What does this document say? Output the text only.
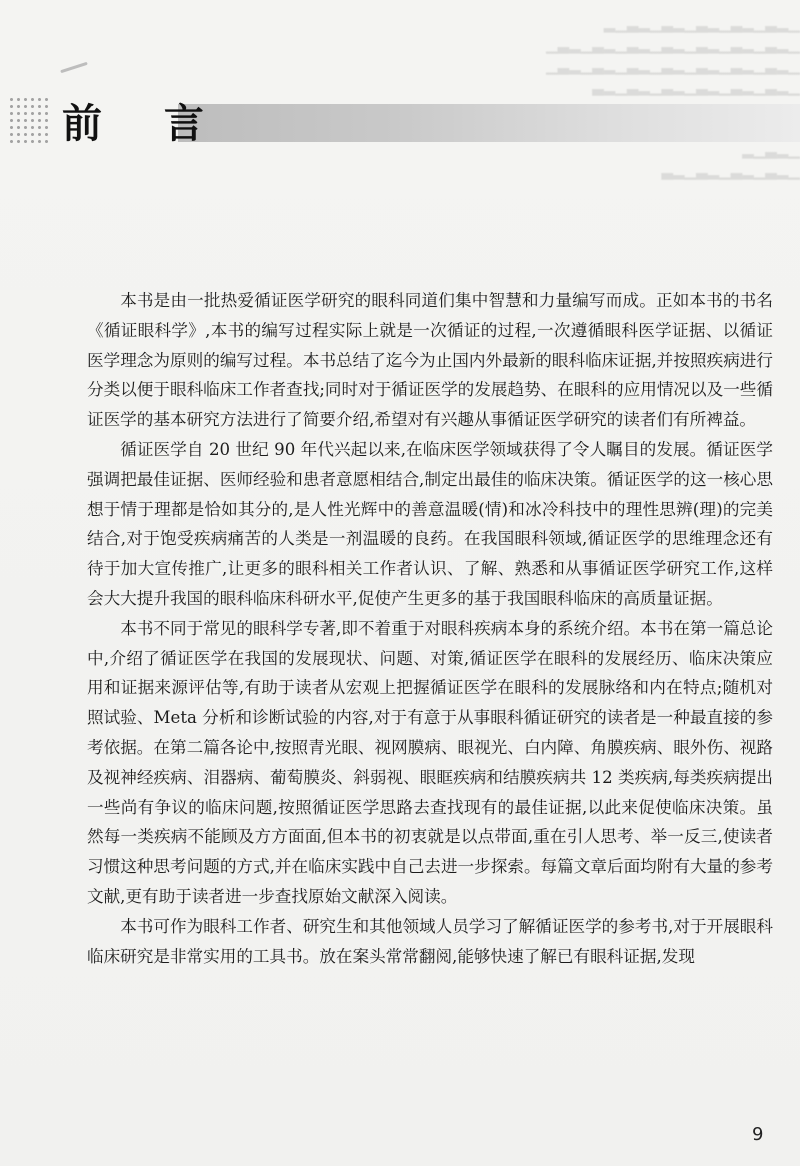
▁▂▃▁▂▃▁▂▃▁▂▃▁▂▃▁▂
▁▂▃▁▂▃▁▂▃▁▂▃▁▂▃▁▂▃▁▂▃▁
▁▂▃▁▂▃▁▂▃▁▂▃▁▂▃▁▂▃▁▂▃▁
▁▂▃▁▂▃▁▂▃▁▂▃▁▂▃▁▂▃

▁▂▃▁▂
▁▂▃▁▂▃▁▂▃▁▂▃
前 言

本书是由一批热爱循证医学研究的眼科同道们集中智慧和力量编写而成。正如本书的书名《循证眼科学》,本书的编写过程实际上就是一次循证的过程,一次遵循眼科医学证据、以循证医学理念为原则的编写过程。本书总结了迄今为止国内外最新的眼科临床证据,并按照疾病进行分类以便于眼科临床工作者查找;同时对于循证医学的发展趋势、在眼科的应用情况以及一些循证医学的基本研究方法进行了简要介绍,希望对有兴趣从事循证医学研究的读者们有所裨益。

循证医学自 20 世纪 90 年代兴起以来,在临床医学领域获得了令人瞩目的发展。循证医学强调把最佳证据、医师经验和患者意愿相结合,制定出最佳的临床决策。循证医学的这一核心思想于情于理都是恰如其分的,是人性光辉中的善意温暖(情)和冰冷科技中的理性思辨(理)的完美结合,对于饱受疾病痛苦的人类是一剂温暖的良药。在我国眼科领域,循证医学的思维理念还有待于加大宣传推广,让更多的眼科相关工作者认识、了解、熟悉和从事循证医学研究工作,这样会大大提升我国的眼科临床科研水平,促使产生更多的基于我国眼科临床的高质量证据。

本书不同于常见的眼科学专著,即不着重于对眼科疾病本身的系统介绍。本书在第一篇总论中,介绍了循证医学在我国的发展现状、问题、对策,循证医学在眼科的发展经历、临床决策应用和证据来源评估等,有助于读者从宏观上把握循证医学在眼科的发展脉络和内在特点;随机对照试验、Meta 分析和诊断试验的内容,对于有意于从事眼科循证研究的读者是一种最直接的参考依据。在第二篇各论中,按照青光眼、视网膜病、眼视光、白内障、角膜疾病、眼外伤、视路及视神经疾病、泪器病、葡萄膜炎、斜弱视、眼眶疾病和结膜疾病共 12 类疾病,每类疾病提出一些尚有争议的临床问题,按照循证医学思路去查找现有的最佳证据,以此来促使临床决策。虽然每一类疾病不能顾及方方面面,但本书的初衷就是以点带面,重在引人思考、举一反三,使读者习惯这种思考问题的方式,并在临床实践中自己去进一步探索。每篇文章后面均附有大量的参考文献,更有助于读者进一步查找原始文献深入阅读。

本书可作为眼科工作者、研究生和其他领域人员学习了解循证医学的参考书,对于开展眼科临床研究是非常实用的工具书。放在案头常常翻阅,能够快速了解已有眼科证据,发现

9
